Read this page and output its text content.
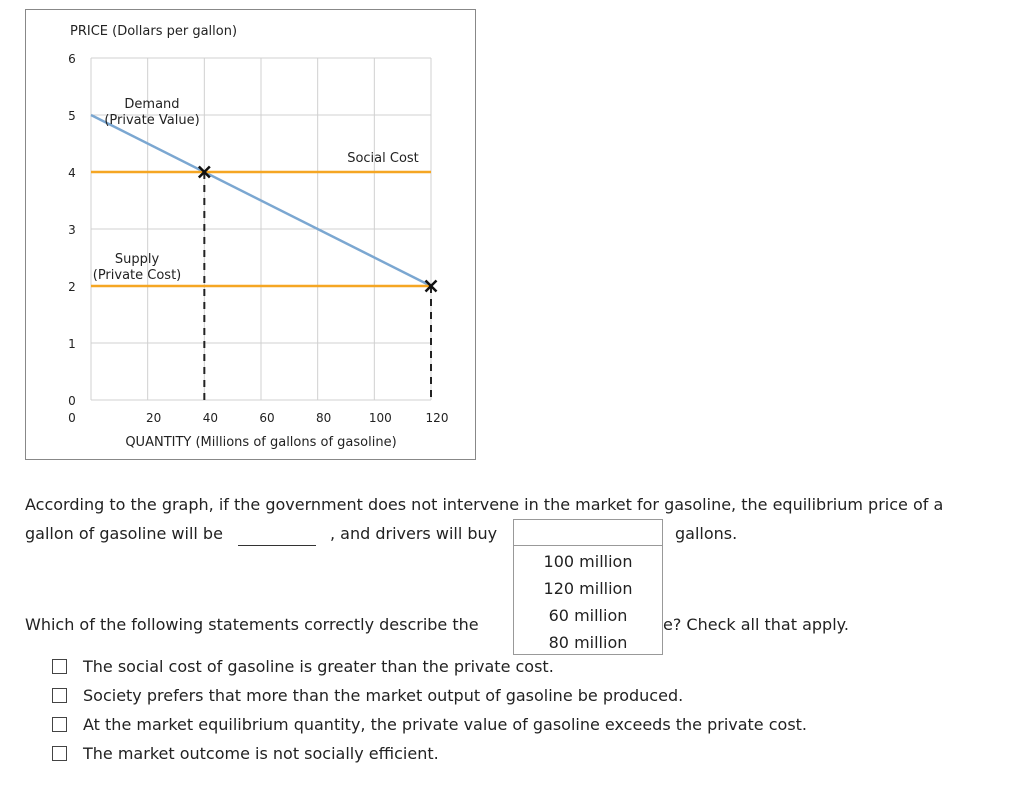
PRICE (Dollars per gallon)
QUANTITY (Millions of gallons of gasoline)
0
1
2
3
4
5
6
20	40	60	80	100	120
0
Demand
(Private Value)
Social Cost
Supply
(Private Cost)
According to the graph, if the government does not intervene in the market for gasoline, the equilibrium price of a
gallon of gasoline will be	, and drivers will buy
100 million
120 million
60 million
80 million
gallons.
Which of the following statements correctly describe the	e? Check all that apply.
The social cost of gasoline is greater than the private cost.
Society prefers that more than the market output of gasoline be produced.
At the market equilibrium quantity, the private value of gasoline exceeds the private cost.
The market outcome is not socially efficient.
